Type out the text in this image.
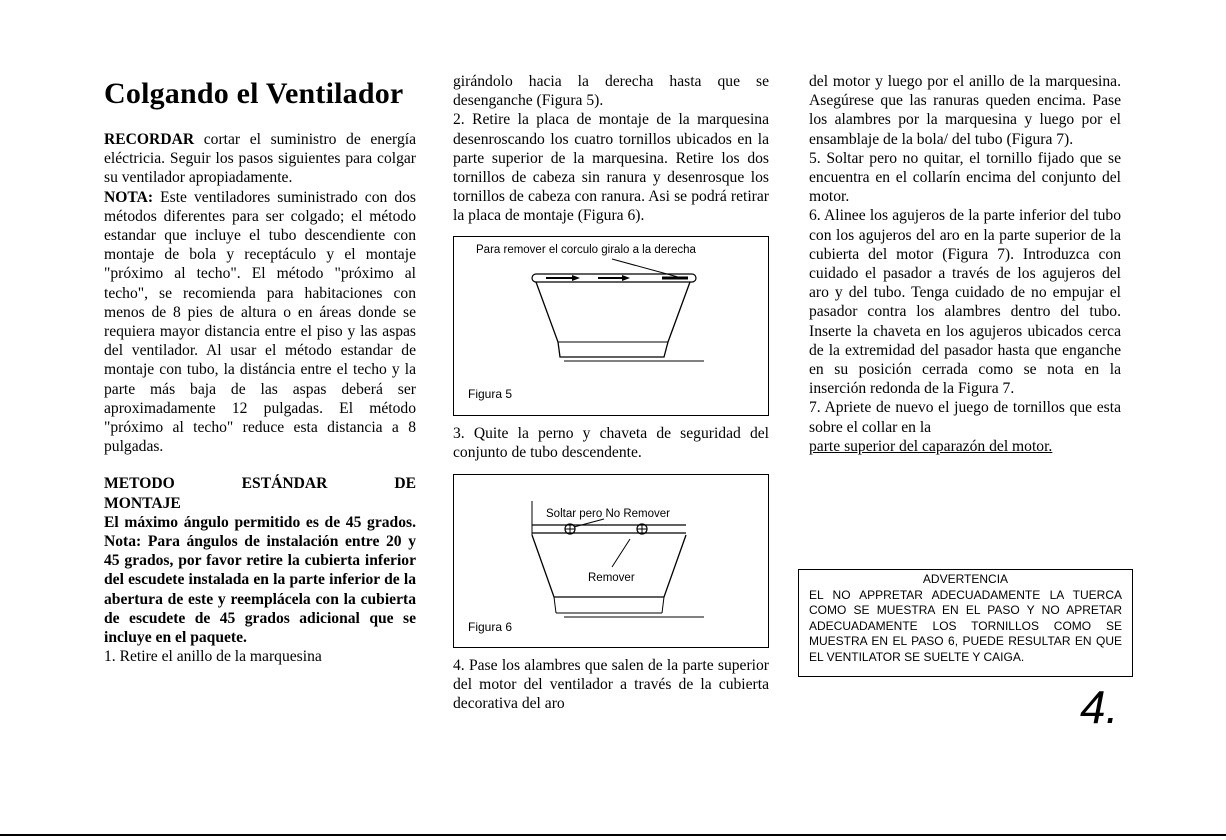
Colgando el Ventilador

RECORDAR cortar el suministro de energía eléctricia. Seguir los pasos siguientes para colgar su ventilador apropiadamente.

NOTA: Este ventiladores suministrado con dos métodos diferentes para ser colgado; el método estandar que incluye el tubo descendiente con montaje de bola y receptáculo y el montaje "próximo al techo". El método "próximo al techo", se recomienda para habitaciones con menos de 8 pies de altura o en áreas donde se requiera mayor distancia entre el piso y las aspas del ventilador. Al usar el método estandar de montaje con tubo, la distáncia entre el techo y la parte más baja de las aspas deberá ser aproximadamente 12 pulgadas. El método "próximo al techo" reduce esta distancia a 8 pulgadas.

METODO	ESTÁNDAR	DE

MONTAJE

El máximo ángulo permitido es de 45 grados. Nota: Para ángulos de instalación entre 20 y 45 grados, por favor retire la cubierta inferior del escudete instalada en la parte inferior de la abertura de este y reemplácela con la cubierta de escudete de 45 grados adicional que se incluye en el paquete.

1. Retire el anillo de la marquesina

girándolo hacia la derecha hasta que se desenganche (Figura 5).

2. Retire la placa de montaje de la marquesina desenroscando los cuatro tornillos ubicados en la parte superior de la marquesina. Retire los dos tornillos de cabeza sin ranura y desenrosque los tornillos de cabeza con ranura. Asi se podrá retirar la placa de montaje (Figura 6).

Para remover el corculo giralo a la derecha
Figura 5

3. Quite la perno y chaveta de seguridad del conjunto de tubo descendente.

Soltar pero No Remover
Remover
Figura 6

4. Pase los alambres que salen de la parte superior del motor del ventilador a través de la cubierta decorativa del aro

del motor y luego por el anillo de la marquesina. Asegúrese que las ranuras queden encima. Pase los alambres por la marquesina y luego por el ensamblaje de la bola/ del tubo (Figura 7).

5. Soltar pero no quitar, el tornillo fijado que se encuentra en el collarín encima del conjunto del motor.

6. Alinee los agujeros de la parte inferior del tubo con los agujeros del aro en la parte superior de la cubierta del motor (Figura 7). Introduzca con cuidado el pasador a través de los agujeros del aro y del tubo. Tenga cuidado de no empujar el pasador contra los alambres dentro del tubo. Inserte la chaveta en los agujeros ubicados cerca de la extremidad del pasador hasta que enganche en su posición cerrada como se nota en la inserción redonda de la Figura 7.

7. Apriete de nuevo el juego de tornillos que esta sobre el collar en la

parte superior del caparazón del motor.

ADVERTENCIA
EL NO APPRETAR ADECUADAMENTE LA TUERCA COMO SE MUESTRA EN EL PASO Y NO APRETAR ADECUADAMENTE LOS TORNILLOS COMO SE MUESTRA EN EL PASO 6, PUEDE RESULTAR EN QUE EL VENTILATOR SE SUELTE Y CAIGA.
4.
